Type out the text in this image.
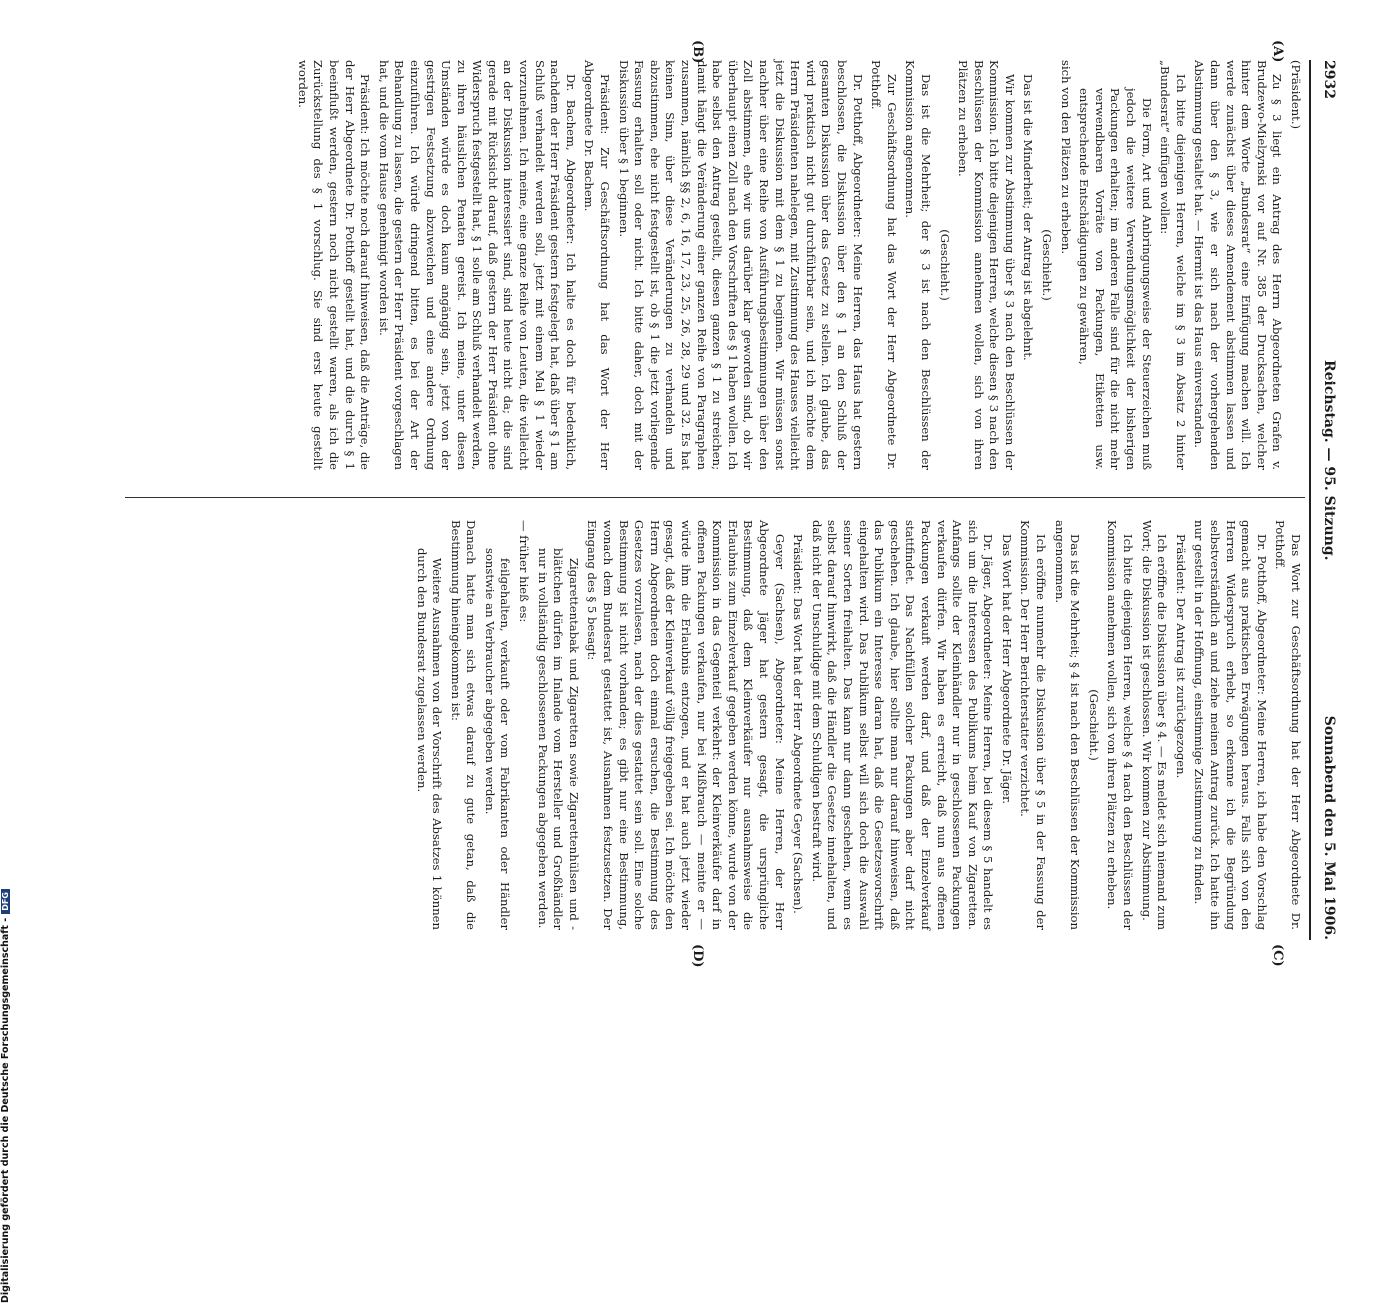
2932
Reichstag. — 95. Sitzung.
Sonnabend den 5. Mai 1906.
(A)
(B)
(C)
(D)

(Präsident.)

Zu § 3 liegt ein Antrag des Herrn Abgeordneten Grafen v. Brudzewo-Mielzynski vor auf Nr. 385 der Drucksachen, welcher hinter dem Worte „Bundesrat“ eine Einfügung machen will. Ich werde zunächst über dieses Amendement abstimmen lassen und dann über den § 3, wie er sich nach der vorhergehenden Abstimmung gestaltet hat. — Hiermit ist das Haus einverstanden.

Ich bitte diejenigen Herren, welche im § 3 im Absatz 2 hinter „Bundesrat“ einfügen wollen:

Die Form, Art und Anbringungsweise der Steuerzeichen muß jedoch die weitere Verwendungsmöglichkeit der bisherigen Packungen erhalten; im anderen Falle sind für die nicht mehr verwendbaren Vorräte von Packungen, Etiketten usw. entsprechende Entschädigungen zu gewähren,

sich von den Plätzen zu erheben.

(Geschieht.)

Das ist die Minderheit; der Antrag ist abgelehnt.

Wir kommen zur Abstimmung über § 3 nach den Beschlüssen der Kommission. Ich bitte diejenigen Herren, welche diesen § 3 nach den Beschlüssen der Kommission annehmen wollen, sich von ihren Plätzen zu erheben.

(Geschieht.)

Das ist die Mehrheit; der § 3 ist nach den Beschlüssen der Kommission angenommen.

Zur Geschäftsordnung hat das Wort der Herr Abgeordnete Dr. Potthoff.

Dr. Potthoff, Abgeordneter: Meine Herren, das Haus hat gestern beschlossen, die Diskussion über den § 1 an den Schluß der gesamten Diskussion über das Gesetz zu stellen. Ich glaube, das wird praktisch nicht gut durchführbar sein, und ich möchte dem Herrn Präsidenten nahelegen, mit Zustimmung des Hauses vielleicht jetzt die Diskussion mit dem § 1 zu beginnen. Wir müssen sonst nachher über eine Reihe von Ausführungsbestimmungen über den Zoll abstimmen, ehe wir uns darüber klar geworden sind, ob wir überhaupt einen Zoll nach den Vorschriften des § 1 haben wollen. Ich habe selbst den Antrag gestellt, diesen ganzen § 1 zu streichen; damit hängt die Veränderung einer ganzen Reihe von Paragraphen zusammen, nämlich §§ 2, 6, 16, 17, 23, 25, 26, 28, 29 und 32. Es hat keinen Sinn, über diese Veränderungen zu verhandeln und abzustimmen, ehe nicht festgestellt ist, ob § 1 die jetzt vorliegende Fassung erhalten soll oder nicht. Ich bitte daher, doch mit der Diskussion über § 1 beginnen.

Präsident: Zur Geschäftsordnung hat das Wort der Herr Abgeordnete Dr. Bachem.

Dr. Bachem, Abgeordneter: Ich halte es doch für bedenklich, nachdem der Herr Präsident gestern festgelegt hat, daß über § 1 am Schluß verhandelt werden soll, jetzt mit einem Mal § 1 wieder vorzunehmen. Ich meine, eine ganze Reihe von Leuten, die vielleicht an der Diskussion interessiert sind, sind heute nicht da; die sind gerade mit Rücksicht darauf, daß gestern der Herr Präsident ohne Widerspruch festgestellt hat, § 1 solle am Schluß verhandelt werden, zu ihren häuslichen Penaten gereist. Ich meine, unter diesen Umständen würde es doch kaum angängig sein, jetzt von der gestrigen Festsetzung abzuweichen und eine andere Ordnung einzuführen. Ich würde dringend bitten, es bei der Art der Behandlung zu lassen, die gestern der Herr Präsident vorgeschlagen hat, und die vom Hause genehmigt worden ist.

Präsident: Ich möchte noch darauf hinweisen, daß die Anträge, die der Herr Abgeordnete Dr. Potthoff gestellt hat, und die durch § 1 beeinflußt werden, gestern noch nicht gestellt waren, als ich die Zurückstellung des § 1 vorschlug. Sie sind erst heute gestellt worden.

Das Wort zur Geschäftsordnung hat der Herr Abgeordnete Dr. Potthoff.

Dr. Potthoff, Abgeordneter: Meine Herren, ich habe den Vorschlag gemacht aus praktischen Erwägungen heraus. Falls sich von den Herren Widerspruch erhebt, so erkenne ich die Begründung selbstverständlich an und ziehe meinen Antrag zurück. Ich hatte ihn nur gestellt in der Hoffnung, einstimmige Zustimmung zu finden.

Präsident: Der Antrag ist zurückgezogen.

Ich eröffne die Diskussion über § 4. — Es meldet sich niemand zum Wort; die Diskussion ist geschlossen. Wir kommen zur Abstimmung.

Ich bitte diejenigen Herren, welche § 4 nach den Beschlüssen der Kommission annehmen wollen, sich von ihren Plätzen zu erheben.

(Geschieht.)

Das ist die Mehrheit; § 4 ist nach den Beschlüssen der Kommission angenommen.

Ich eröffne nunmehr die Diskussion über § 5 in der Fassung der Kommission. Der Herr Berichterstatter verzichtet.

Das Wort hat der Herr Abgeordnete Dr. Jäger.

Dr. Jäger, Abgeordneter: Meine Herren, bei diesem § 5 handelt es sich um die Interessen des Publikums beim Kauf von Zigaretten. Anfangs sollte der Kleinhändler nur in geschlossenen Packungen verkaufen dürfen. Wir haben es erreicht, daß nun aus offenen Packungen verkauft werden darf, und daß der Einzelverkauf stattfindet. Das Nachfüllen solcher Packungen aber darf nicht geschehen. Ich glaube, hier sollte man nur darauf hinweisen, daß das Publikum ein Interesse daran hat, daß die Gesetzesvorschrift eingehalten wird. Das Publikum selbst will sich doch die Auswahl seiner Sorten freihalten. Das kann nur dann geschehen, wenn es selbst darauf hinwirkt, daß die Händler die Gesetze innehalten, und daß nicht der Unschuldige mit dem Schuldigen bestraft wird.

Präsident: Das Wort hat der Herr Abgeordnete Geyer (Sachsen).

Geyer (Sachsen), Abgeordneter: Meine Herren, der Herr Abgeordnete Jäger hat gestern gesagt, die ursprüngliche Bestimmung, daß dem Kleinverkäufer nur ausnahmsweise die Erlaubnis zum Einzelverkauf gegeben werden könne, wurde von der Kommission in das Gegenteil verkehrt: der Kleinverkäufer darf in offenen Packungen verkaufen, nur bei Mißbrauch — meinte er — würde ihm die Erlaubnis entzogen, und er hat auch jetzt wieder gesagt, daß der Kleinverkauf völlig freigegeben sei. Ich möchte den Herrn Abgeordneten doch einmal ersuchen, die Bestimmung des Gesetzes vorzulesen, nach der dies gestattet sein soll. Eine solche Bestimmung ist nicht vorhanden; es gibt nur eine Bestimmung, wonach dem Bundesrat gestattet ist, Ausnahmen festzusetzen. Der Eingang des § 5 besagt:

Zigarettentabak und Zigaretten sowie Zigarettenhülsen und -blättchen dürfen im Inlande vom Hersteller und Großhändler nur in vollständig geschlossenen Packungen abgegeben werden.

— früher hieß es:

feilgehalten, verkauft oder vom Fabrikanten oder Händler sonstwie an Verbraucher abgegeben werden.

Danach hatte man sich etwas darauf zu gute getan, daß die Bestimmung hineingekommen ist:

Weitere Ausnahmen von der Vorschrift des Absatzes 1 können durch den Bundesrat zugelassen werden.

Digitalisierung gefördert durch die Deutsche Forschungsgemeinschaft -DFG
